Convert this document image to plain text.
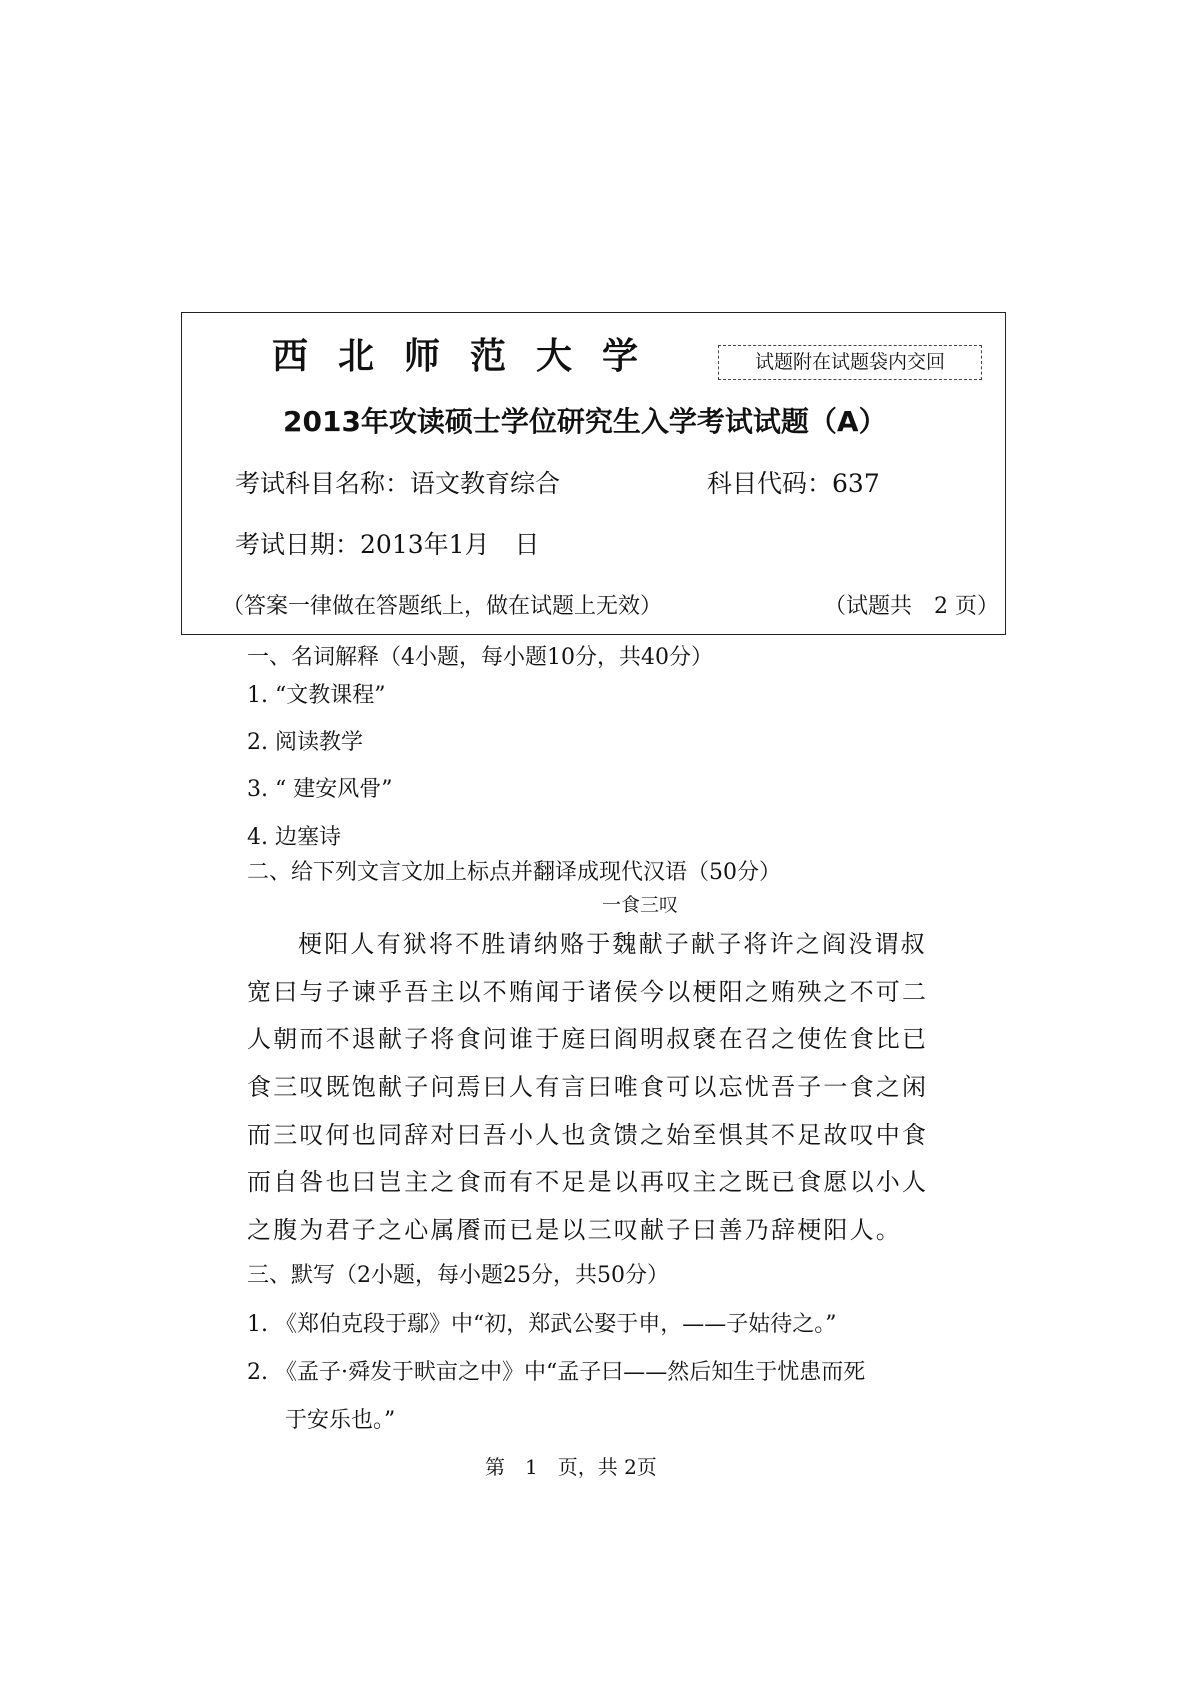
西北师范大学	试题附在试题袋内交回
2013年攻读硕士学位研究生入学考试试题（A）
考试科目名称：语文教育综合	科目代码：637
考试日期：2013年1月　日
（答案一律做在答题纸上，做在试题上无效）	（试题共　2 页）
一、名词解释（4小题，每小题10分，共40分）
1. “文教课程”
2. 阅读教学
3. “ 建安风骨”
4. 边塞诗
二、给下列文言文加上标点并翻译成现代汉语（50分）
一食三叹
梗阳人有狱将不胜请纳赂于魏献子献子将许之阎没谓叔
宽曰与子谏乎吾主以不贿闻于诸侯今以梗阳之贿殃之不可二
人朝而不退献子将食问谁于庭曰阎明叔褎在召之使佐食比已
食三叹既饱献子问焉曰人有言曰唯食可以忘忧吾子一食之闲
而三叹何也同辞对曰吾小人也贪馈之始至惧其不足故叹中食
而自咎也曰岂主之食而有不足是以再叹主之既已食愿以小人
之腹为君子之心属餍而已是以三叹献子曰善乃辞梗阳人。
三、默写（2小题，每小题25分，共50分）
1. 《郑伯克段于鄢》中“初，郑武公娶于申，——子姑待之。”
2. 《孟子·舜发于畎亩之中》中“孟子曰——然后知生于忧患而死
于安乐也。”
第　1　页，共 2页
